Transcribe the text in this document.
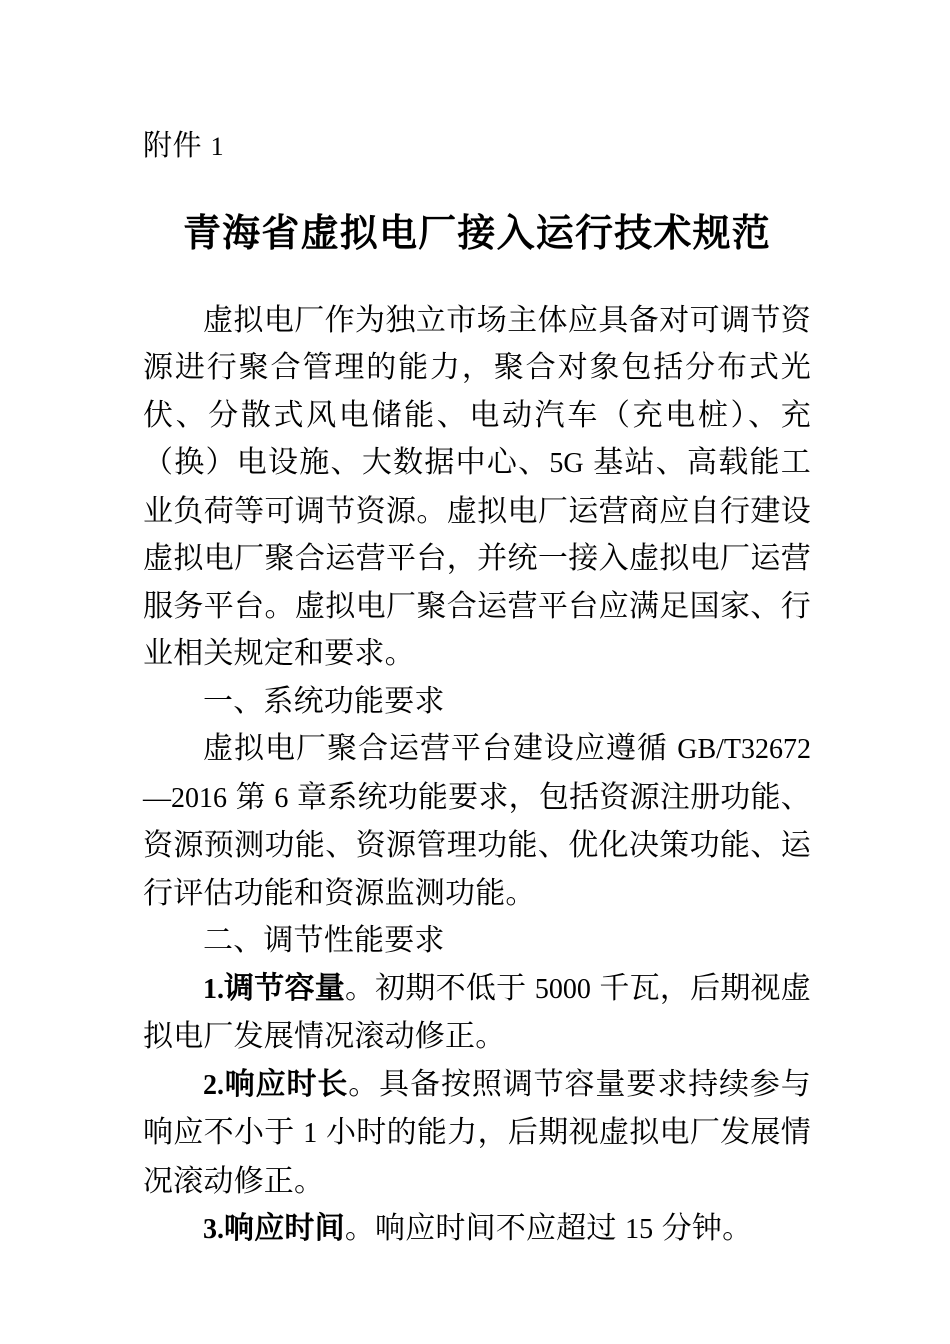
附件 1
青海省虚拟电厂接入运行技术规范

虚拟电厂作为独立市场主体应具备对可调节资源进行聚合管理的能力，聚合对象包括分布式光伏、分散式风电储能、电动汽车（充电桩）、充（换）电设施、大数据中心、5G 基站、高载能工业负荷等可调节资源。虚拟电厂运营商应自行建设虚拟电厂聚合运营平台，并统一接入虚拟电厂运营服务平台。虚拟电厂聚合运营平台应满足国家、行业相关规定和要求。

一、系统功能要求

虚拟电厂聚合运营平台建设应遵循 GB/T32672—2016 第 6 章系统功能要求，包括资源注册功能、资源预测功能、资源管理功能、优化决策功能、运行评估功能和资源监测功能。

二、调节性能要求

1.调节容量。初期不低于 5000 千瓦，后期视虚拟电厂发展情况滚动修正。

2.响应时长。具备按照调节容量要求持续参与响应不小于 1 小时的能力，后期视虚拟电厂发展情况滚动修正。

3.响应时间。响应时间不应超过 15 分钟。
